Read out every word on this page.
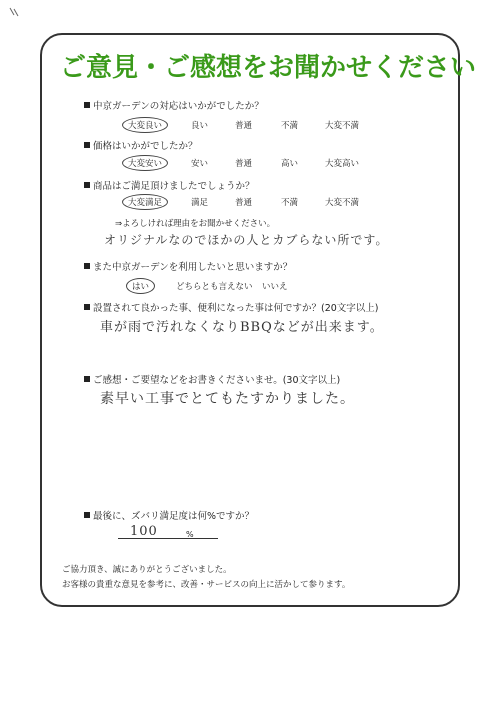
ご意見・ご感想をお聞かせください
中京ガーデンの対応はいかがでしたか？
大変良い	良い	普通	不満	大変不満
価格はいかがでしたか？
大変安い	安い	普通	高い	大変高い
商品はご満足頂けましたでしょうか？
大変満足	満足	普通	不満	大変不満
⇒よろしければ理由をお聞かせください。
オリジナルなのでほかの人とカブらない所です。
また中京ガーデンを利用したいと思いますか？
はい	どちらとも言えない いいえ
設置されて良かった事、便利になった事は何ですか？(20文字以上)
車が雨で汚れなくなりBBQなどが出来ます。
ご感想・ご要望などをお書きくださいませ。(30文字以上)
素早い工事でとてもたすかりました。
最後に、ズバリ満足度は何%ですか？
100	%
ご協力頂き、誠にありがとうございました。
お客様の貴重な意見を参考に、改善・サービスの向上に活かして参ります。
